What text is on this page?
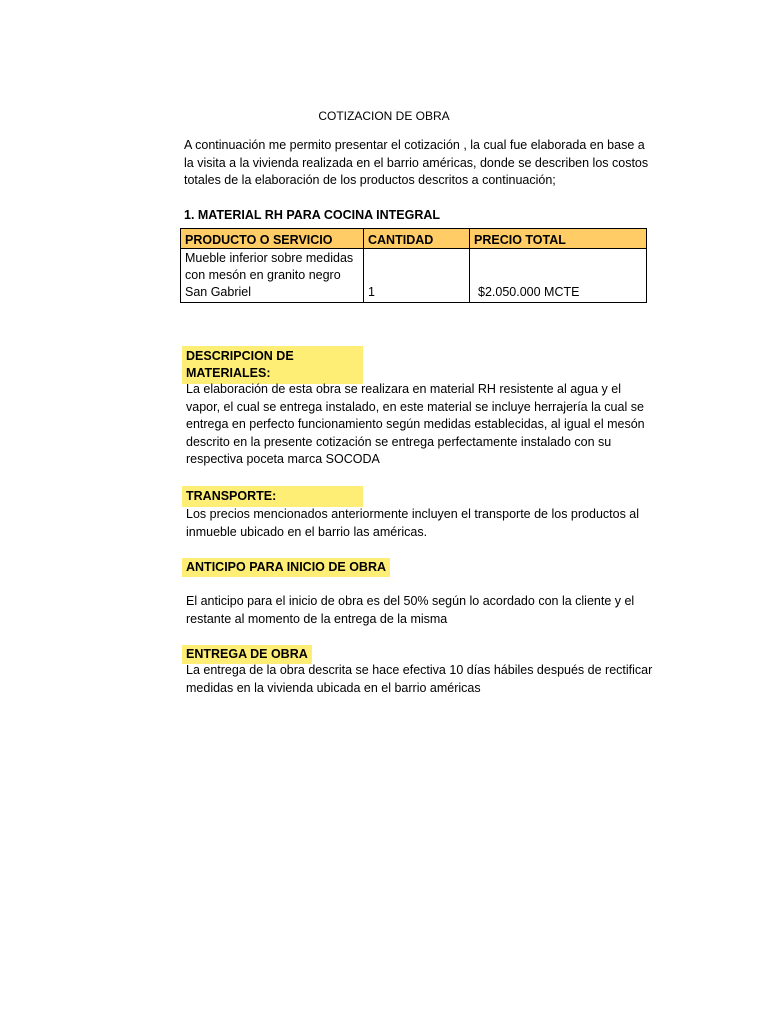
COTIZACION DE OBRA

A continuación me permito presentar el cotización , la cual fue elaborada en base a la visita a la vivienda realizada en el barrio américas, donde se describen los costos totales de la elaboración de los productos descritos a continuación;

1. MATERIAL RH PARA COCINA INTEGRAL
PRODUCTO O SERVICIO	CANTIDAD	PRECIO TOTAL
Mueble inferior sobre medidas con mesón en granito negro San Gabriel	1	$2.050.000 MCTE
DESCRIPCION DE MATERIALES:

La elaboración de esta obra se realizara en material RH resistente al agua y el vapor, el cual se entrega instalado, en este material se incluye herrajería la cual se entrega en perfecto funcionamiento según medidas establecidas, al igual el mesón descrito en la presente cotización se entrega perfectamente instalado con su respectiva poceta marca SOCODA

TRANSPORTE:

Los precios mencionados anteriormente incluyen el transporte de los productos al inmueble ubicado en el barrio las américas.

ANTICIPO PARA INICIO DE OBRA

El anticipo para el inicio de obra es del 50% según lo acordado con la cliente y el restante al momento de la entrega de la misma

ENTREGA DE OBRA

La entrega de la obra descrita se hace efectiva 10 días hábiles después de rectificar medidas en la vivienda ubicada en el barrio américas
